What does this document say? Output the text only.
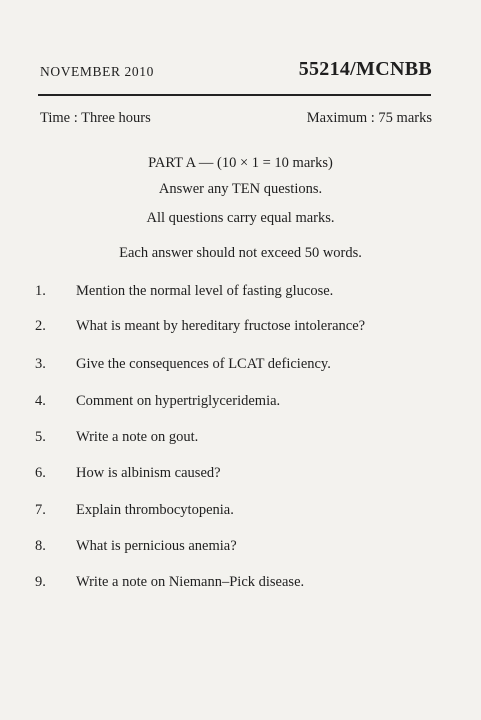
NOVEMBER 2010	55214/MCNBB
Time : Three hours	Maximum : 75 marks
PART A — (10 × 1 = 10 marks)
Answer any TEN questions.
All questions carry equal marks.
Each answer should not exceed 50 words.
1.	Mention the normal level of fasting glucose.
2.	What is meant by hereditary fructose intolerance?
3.	Give the consequences of LCAT deficiency.
4.	Comment on hypertriglyceridemia.
5.	Write a note on gout.
6.	How is albinism caused?
7.	Explain thrombocytopenia.
8.	What is pernicious anemia?
9.	Write a note on Niemann–Pick disease.
